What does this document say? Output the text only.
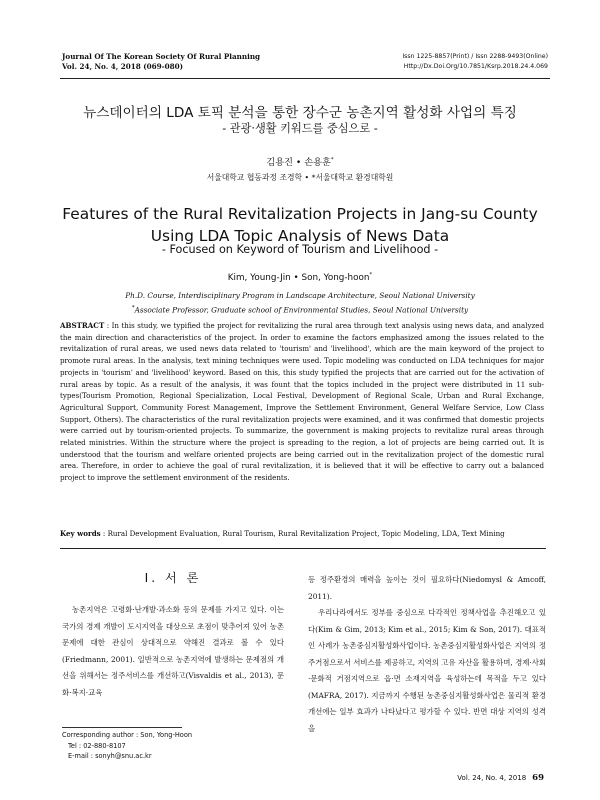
Journal Of The Korean Society Of Rural Planning
Vol. 24, No. 4, 2018 (069-080)
Issn 1225-8857(Print) / Issn 2288-9493(Online)
Http://Dx.Doi.Org/10.7851/Ksrp.2018.24.4.069
뉴스데이터의 LDA 토픽 분석을 통한 장수군 농촌지역 활성화 사업의 특징
- 관광·생활 키워드를 중심으로 -
김용진 • 손용훈*
서울대학교 협동과정 조경학 • *서울대학교 환경대학원
Features of the Rural Revitalization Projects in Jang-su County
Using LDA Topic Analysis of News Data
- Focused on Keyword of Tourism and Livelihood -
Kim, Young-Jin • Son, Yong-hoon*
Ph.D. Course, Interdisciplinary Program in Landscape Architecture, Seoul National University
*Associate Professor, Graduate school of Environmental Studies, Seoul National University
ABSTRACT : In this study, we typified the project for revitalizing the rural area through text analysis using news data, and analyzed the main direction and characteristics of the project. In order to examine the factors emphasized among the issues related to the revitalization of rural areas, we used news data related to 'tourism' and 'livelihood', which are the main keyword of the project to promote rural areas. In the analysis, text mining techniques were used. Topic modeling was conducted on LDA techniques for major projects in 'tourism' and 'livelihood' keyword. Based on this, this study typified the projects that are carried out for the activation of rural areas by topic. As a result of the analysis, it was fount that the topics included in the project were distributed in 11 sub-types(Tourism Promotion, Regional Specialization, Local Festival, Development of Regional Scale, Urban and Rural Exchange, Agricultural Support, Community Forest Management, Improve the Settlement Environment, General Welfare Service, Low Class Support, Others). The characteristics of the rural revitalization projects were examined, and it was confirmed that domestic projects were carried out by tourism-oriented projects. To summarize, the government is making projects to revitalize rural areas through related ministries. Within the structure where the project is spreading to the region, a lot of projects are being carried out. It is understood that the tourism and welfare oriented projects are being carried out in the revitalization project of the domestic rural area. Therefore, in order to achieve the goal of rural revitalization, it is believed that it will be effective to carry out a balanced project to improve the settlement environment of the residents.
Key words : Rural Development Evaluation, Rural Tourism, Rural Revitalization Project, Topic Modeling, LDA, Text Mining
Ⅰ. 서 론

농촌지역은 고령화·난개발·과소화 등의 문제를 가지고 있다. 이는 국가의 경제 개발이 도시지역을 대상으로 초점이 맞추어져 있어 농촌문제에 대한 관심이 상대적으로 약해진 결과로 볼 수 있다(Friedmann, 2001). 일반적으로 농촌지역에 발생하는 문제점의 개선을 위해서는 정주서비스를 개선하고(Visvaldis et al., 2013), 문화·복지·교육

등 정주환경의 매력을 높이는 것이 필요하다(Niedomysl & Amcoff, 2011).

우리나라에서도 정부를 중심으로 다각적인 정책사업을 추진해오고 있다(Kim & Gim, 2013; Kim et al., 2015; Kim & Son, 2017). 대표적인 사례가 농촌중심지활성화사업이다. 농촌중심지활성화사업은 지역의 정주거점으로서 서비스를 제공하고, 지역의 고유 자산을 활용하며, 경제·사회·문화적 거점지역으로 읍·면 소재지역을 육성하는데 목적을 두고 있다(MAFRA, 2017). 지금까지 수행된 농촌중심지활성화사업은 물리적 환경 개선에는 일부 효과가 나타났다고 평가할 수 있다. 반면 대상 지역의 성격을

Corresponding author : Son, Yong-Hoon
Tel : 02-880-8107
E-mail : sonyh@snu.ac.kr
Vol. 24, No. 4, 2018 69
